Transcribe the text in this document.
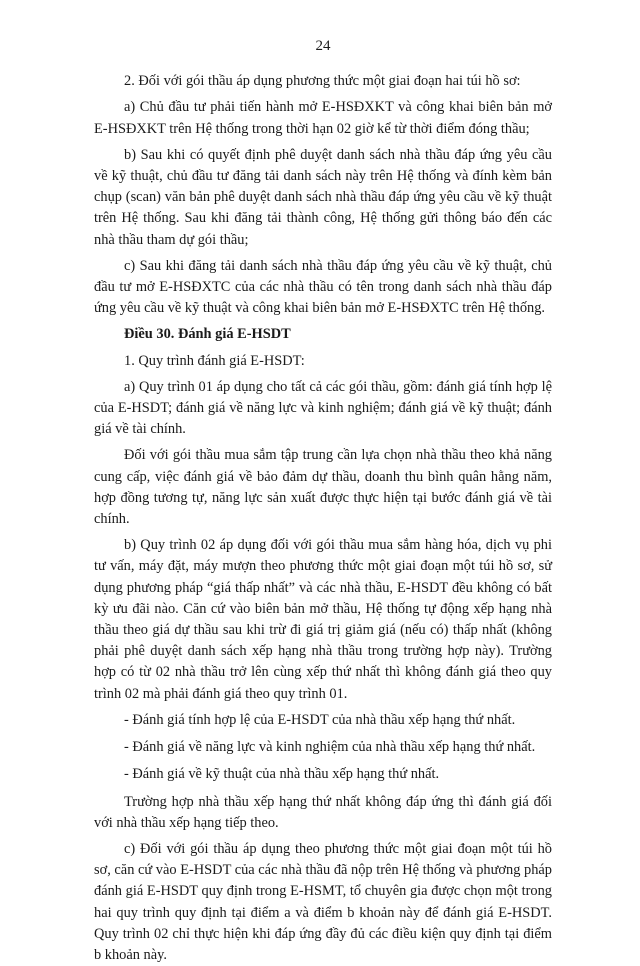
24

2. Đối với gói thầu áp dụng phương thức một giai đoạn hai túi hồ sơ:

a) Chủ đầu tư phải tiến hành mở E-HSĐXKT và công khai biên bản mở E-HSĐXKT trên Hệ thống trong thời hạn 02 giờ kể từ thời điểm đóng thầu;

b) Sau khi có quyết định phê duyệt danh sách nhà thầu đáp ứng yêu cầu về kỹ thuật, chủ đầu tư đăng tải danh sách này trên Hệ thống và đính kèm bản chụp (scan) văn bản phê duyệt danh sách nhà thầu đáp ứng yêu cầu về kỹ thuật trên Hệ thống. Sau khi đăng tải thành công, Hệ thống gửi thông báo đến các nhà thầu tham dự gói thầu;

c) Sau khi đăng tải danh sách nhà thầu đáp ứng yêu cầu về kỹ thuật, chủ đầu tư mở E-HSĐXTC của các nhà thầu có tên trong danh sách nhà thầu đáp ứng yêu cầu về kỹ thuật và công khai biên bản mở E-HSĐXTC trên Hệ thống.

Điều 30. Đánh giá E-HSDT

1. Quy trình đánh giá E-HSDT:

a) Quy trình 01 áp dụng cho tất cả các gói thầu, gồm: đánh giá tính hợp lệ của E-HSDT; đánh giá về năng lực và kinh nghiệm; đánh giá về kỹ thuật; đánh giá về tài chính.

Đối với gói thầu mua sắm tập trung cần lựa chọn nhà thầu theo khả năng cung cấp, việc đánh giá về bảo đảm dự thầu, doanh thu bình quân hằng năm, hợp đồng tương tự, năng lực sản xuất được thực hiện tại bước đánh giá về tài chính.

b) Quy trình 02 áp dụng đối với gói thầu mua sắm hàng hóa, dịch vụ phi tư vấn, máy đặt, máy mượn theo phương thức một giai đoạn một túi hồ sơ, sử dụng phương pháp “giá thấp nhất” và các nhà thầu, E-HSDT đều không có bất kỳ ưu đãi nào. Căn cứ vào biên bản mở thầu, Hệ thống tự động xếp hạng nhà thầu theo giá dự thầu sau khi trừ đi giá trị giảm giá (nếu có) thấp nhất (không phải phê duyệt danh sách xếp hạng nhà thầu trong trường hợp này). Trường hợp có từ 02 nhà thầu trở lên cùng xếp thứ nhất thì không đánh giá theo quy trình 02 mà phải đánh giá theo quy trình 01.

- Đánh giá tính hợp lệ của E-HSDT của nhà thầu xếp hạng thứ nhất.

- Đánh giá về năng lực và kinh nghiệm của nhà thầu xếp hạng thứ nhất.

- Đánh giá về kỹ thuật của nhà thầu xếp hạng thứ nhất.

Trường hợp nhà thầu xếp hạng thứ nhất không đáp ứng thì đánh giá đối với nhà thầu xếp hạng tiếp theo.

c) Đối với gói thầu áp dụng theo phương thức một giai đoạn một túi hồ sơ, căn cứ vào E-HSDT của các nhà thầu đã nộp trên Hệ thống và phương pháp đánh giá E-HSDT quy định trong E-HSMT, tổ chuyên gia được chọn một trong hai quy trình quy định tại điểm a và điểm b khoản này để đánh giá E-HSDT. Quy trình 02 chỉ thực hiện khi đáp ứng đầy đủ các điều kiện quy định tại điểm b khoản này.
